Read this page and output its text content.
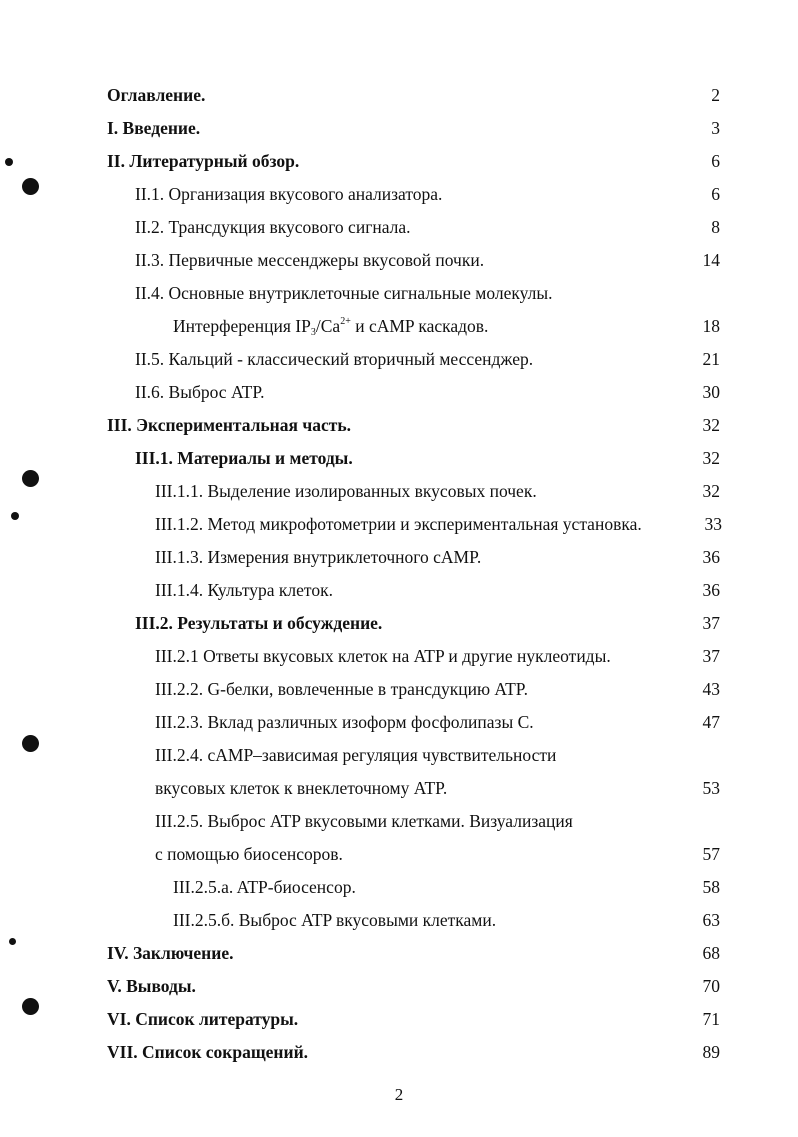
Оглавление.	2
I. Введение.	3
II. Литературный обзор.	6
II.1. Организация вкусового анализатора.	6
II.2. Трансдукция вкусового сигнала.	8
II.3. Первичные мессенджеры вкусовой почки.	14
II.4. Основные внутриклеточные сигнальные молекулы.
Интерференция $IP_3/Ca^{2+}$ и cAMP каскадов.	18
II.5. Кальций - классический вторичный мессенджер.	21
II.6. Выброс ATP.	30
III. Экспериментальная часть.	32
III.1. Материалы и методы.	32
III.1.1. Выделение изолированных вкусовых почек.	32
III.1.2. Метод микрофотометрии и экспериментальная установка.	33
III.1.3. Измерения внутриклеточного cAMP.	36
III.1.4. Культура клеток.	36
III.2. Результаты и обсуждение.	37
III.2.1 Ответы вкусовых клеток на ATP и другие нуклеотиды.	37
III.2.2. G-белки, вовлеченные в трансдукцию ATP.	43
III.2.3. Вклад различных изоформ фосфолипазы С.	47
III.2.4. cAMP–зависимая регуляция чувствительности
вкусовых клеток к внеклеточному ATP.	53
III.2.5. Выброс ATP вкусовыми клетками. Визуализация
с помощью биосенсоров.	57
III.2.5.a. ATP-биосенсор.	58
III.2.5.б. Выброс ATP вкусовыми клетками.	63
IV. Заключение.	68
V. Выводы.	70
VI. Список литературы.	71
VII. Список сокращений.	89
2
